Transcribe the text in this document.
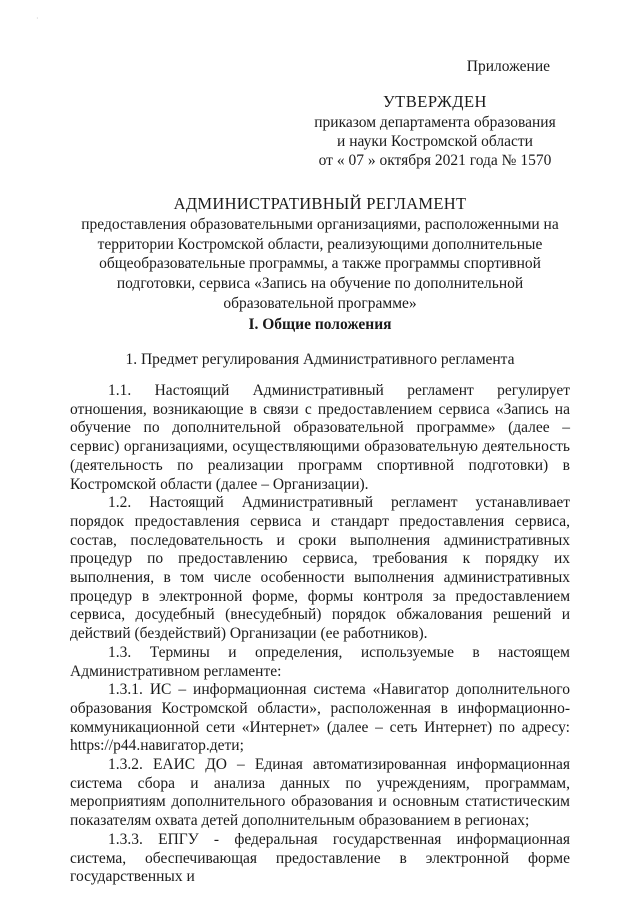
·
Приложение
УТВЕРЖДЕН
приказом департамента образования
и науки Костромской области
от « 07 » октября 2021 года № 1570
АДМИНИСТРАТИВНЫЙ РЕГЛАМЕНТ
предоставления образовательными организациями, расположенными на территории Костромской области, реализующими дополнительные общеобразовательные программы, а также программы спортивной подготовки, сервиса «Запись на обучение по дополнительной образовательной программе»
I. Общие положения
1. Предмет регулирования Административного регламента

1.1. Настоящий Административный регламент регулирует отношения, возникающие в связи с предоставлением сервиса «Запись на обучение по дополнительной образовательной программе» (далее – сервис) организациями, осуществляющими образовательную деятельность (деятельность по реализации программ спортивной подготовки) в Костромской области (далее – Организации).

1.2. Настоящий Административный регламент устанавливает порядок предоставления сервиса и стандарт предоставления сервиса, состав, последовательность и сроки выполнения административных процедур по предоставлению сервиса, требования к порядку их выполнения, в том числе особенности выполнения административных процедур в электронной форме, формы контроля за предоставлением сервиса, досудебный (внесудебный) порядок обжалования решений и действий (бездействий) Организации (ее работников).

1.3. Термины и определения, используемые в настоящем Административном регламенте:

1.3.1. ИС – информационная система «Навигатор дополнительного образования Костромской области», расположенная в информационно-коммуникационной сети «Интернет» (далее – сеть Интернет) по адресу: https://p44.навигатор.дети;

1.3.2. ЕАИС ДО – Единая автоматизированная информационная система сбора и анализа данных по учреждениям, программам, мероприятиям дополнительного образования и основным статистическим показателям охвата детей дополнительным образованием в регионах;

1.3.3. ЕПГУ - федеральная государственная информационная система, обеспечивающая предоставление в электронной форме государственных и
